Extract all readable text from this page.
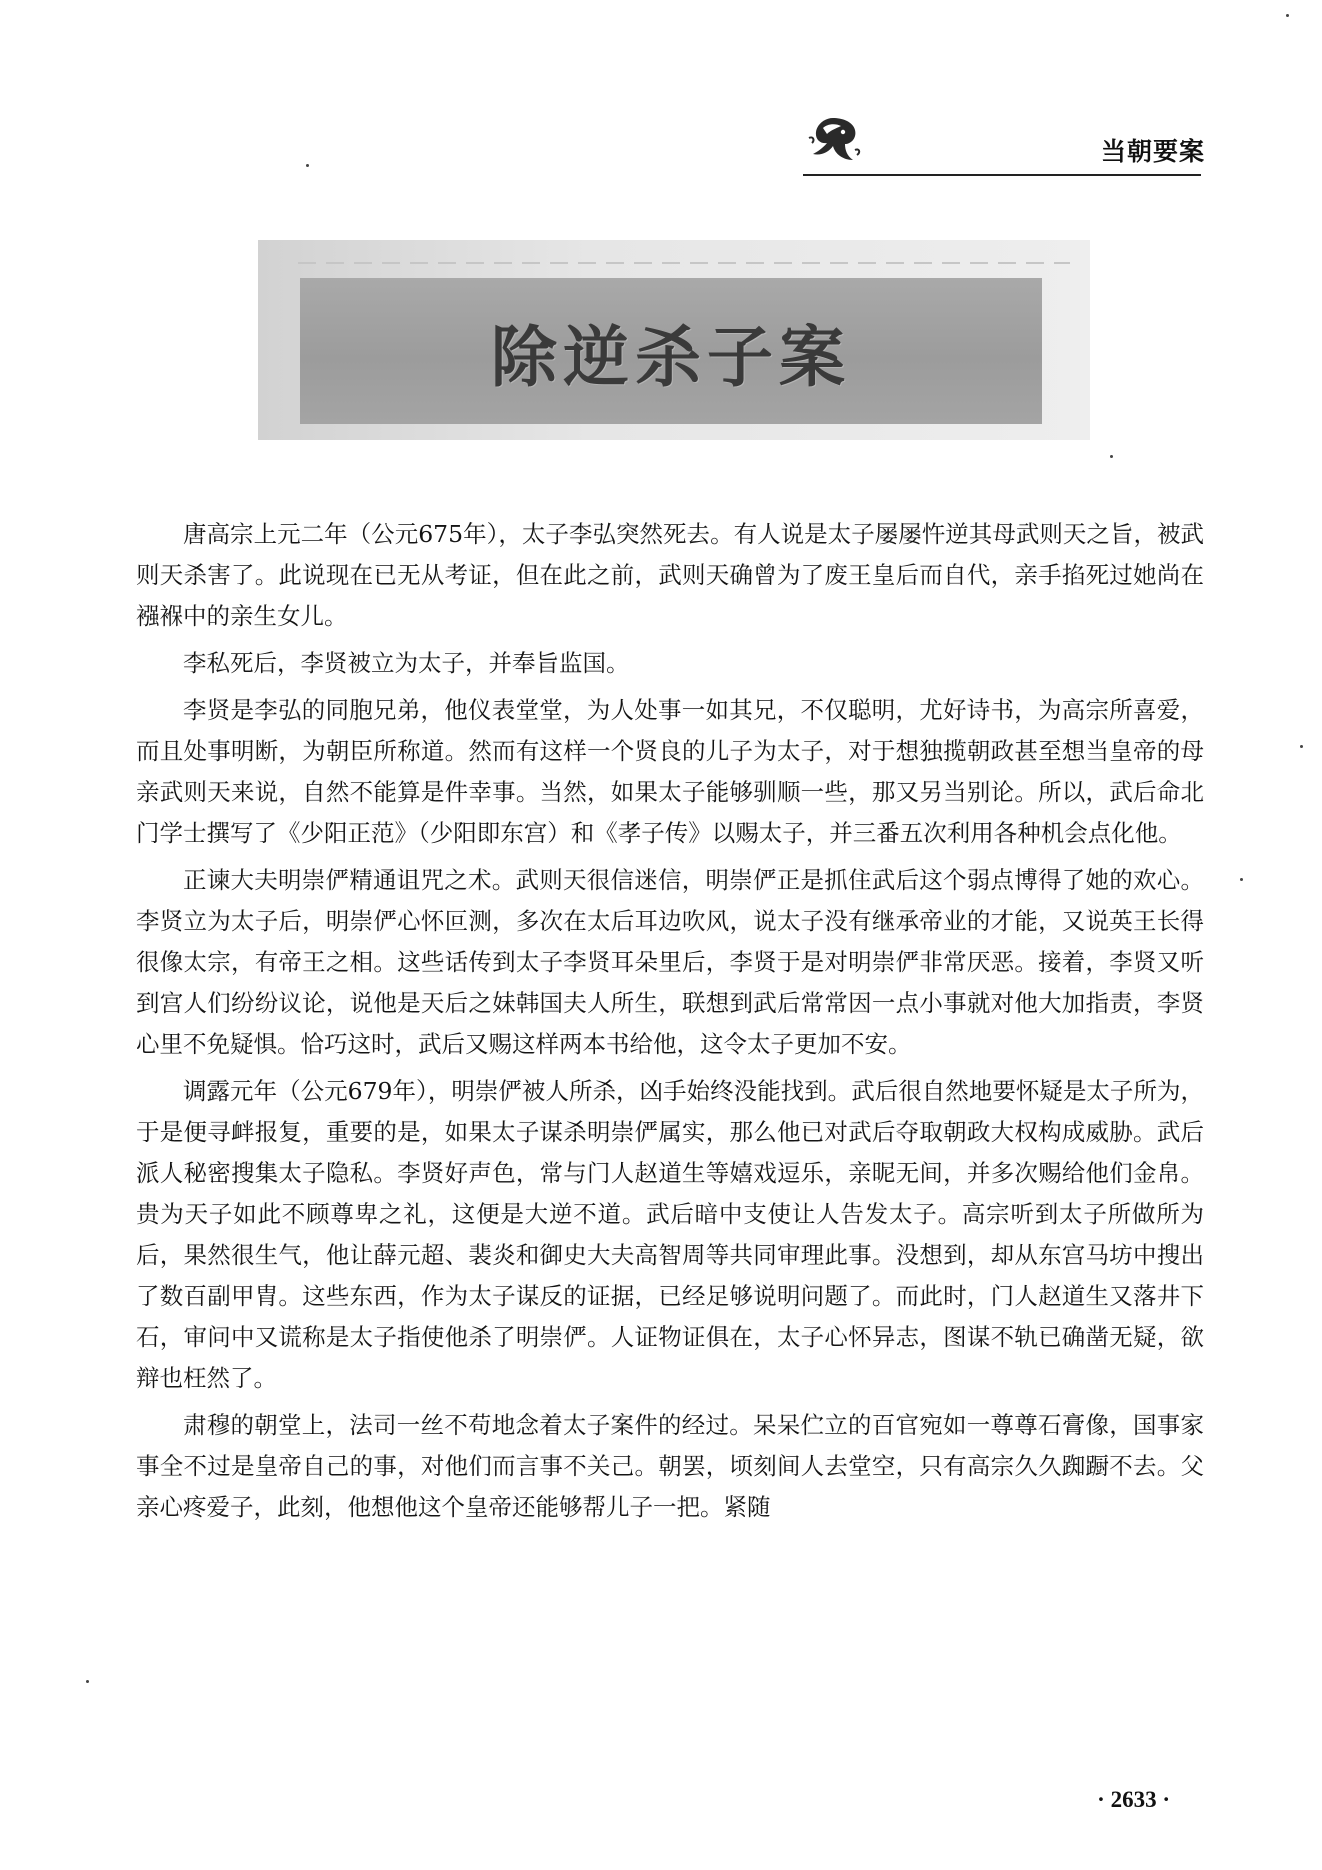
当朝要案
除逆杀子案

唐高宗上元二年（公元675年），太子李弘突然死去。有人说是太子屡屡忤逆其母武则天之旨，被武则天杀害了。此说现在已无从考证，但在此之前，武则天确曾为了废王皇后而自代，亲手掐死过她尚在襁褓中的亲生女儿。

李私死后，李贤被立为太子，并奉旨监国。

李贤是李弘的同胞兄弟，他仪表堂堂，为人处事一如其兄，不仅聪明，尤好诗书，为高宗所喜爱，而且处事明断，为朝臣所称道。然而有这样一个贤良的儿子为太子，对于想独揽朝政甚至想当皇帝的母亲武则天来说，自然不能算是件幸事。当然，如果太子能够驯顺一些，那又另当别论。所以，武后命北门学士撰写了《少阳正范》（少阳即东宫）和《孝子传》以赐太子，并三番五次利用各种机会点化他。

正谏大夫明崇俨精通诅咒之术。武则天很信迷信，明崇俨正是抓住武后这个弱点博得了她的欢心。李贤立为太子后，明崇俨心怀叵测，多次在太后耳边吹风，说太子没有继承帝业的才能，又说英王长得很像太宗，有帝王之相。这些话传到太子李贤耳朵里后，李贤于是对明崇俨非常厌恶。接着，李贤又听到宫人们纷纷议论，说他是天后之妹韩国夫人所生，联想到武后常常因一点小事就对他大加指责，李贤心里不免疑惧。恰巧这时，武后又赐这样两本书给他，这令太子更加不安。

调露元年（公元679年），明崇俨被人所杀，凶手始终没能找到。武后很自然地要怀疑是太子所为，于是便寻衅报复，重要的是，如果太子谋杀明崇俨属实，那么他已对武后夺取朝政大权构成威胁。武后派人秘密搜集太子隐私。李贤好声色，常与门人赵道生等嬉戏逗乐，亲昵无间，并多次赐给他们金帛。贵为天子如此不顾尊卑之礼，这便是大逆不道。武后暗中支使让人告发太子。高宗听到太子所做所为后，果然很生气，他让薛元超、裴炎和御史大夫高智周等共同审理此事。没想到，却从东宫马坊中搜出了数百副甲胄。这些东西，作为太子谋反的证据，已经足够说明问题了。而此时，门人赵道生又落井下石，审问中又谎称是太子指使他杀了明崇俨。人证物证俱在，太子心怀异志，图谋不轨已确凿无疑，欲辩也枉然了。

肃穆的朝堂上，法司一丝不苟地念着太子案件的经过。呆呆伫立的百官宛如一尊尊石膏像，国事家事全不过是皇帝自己的事，对他们而言事不关己。朝罢，顷刻间人去堂空，只有高宗久久踟蹰不去。父亲心疼爱子，此刻，他想他这个皇帝还能够帮儿子一把。紧随

· 2633 ·
